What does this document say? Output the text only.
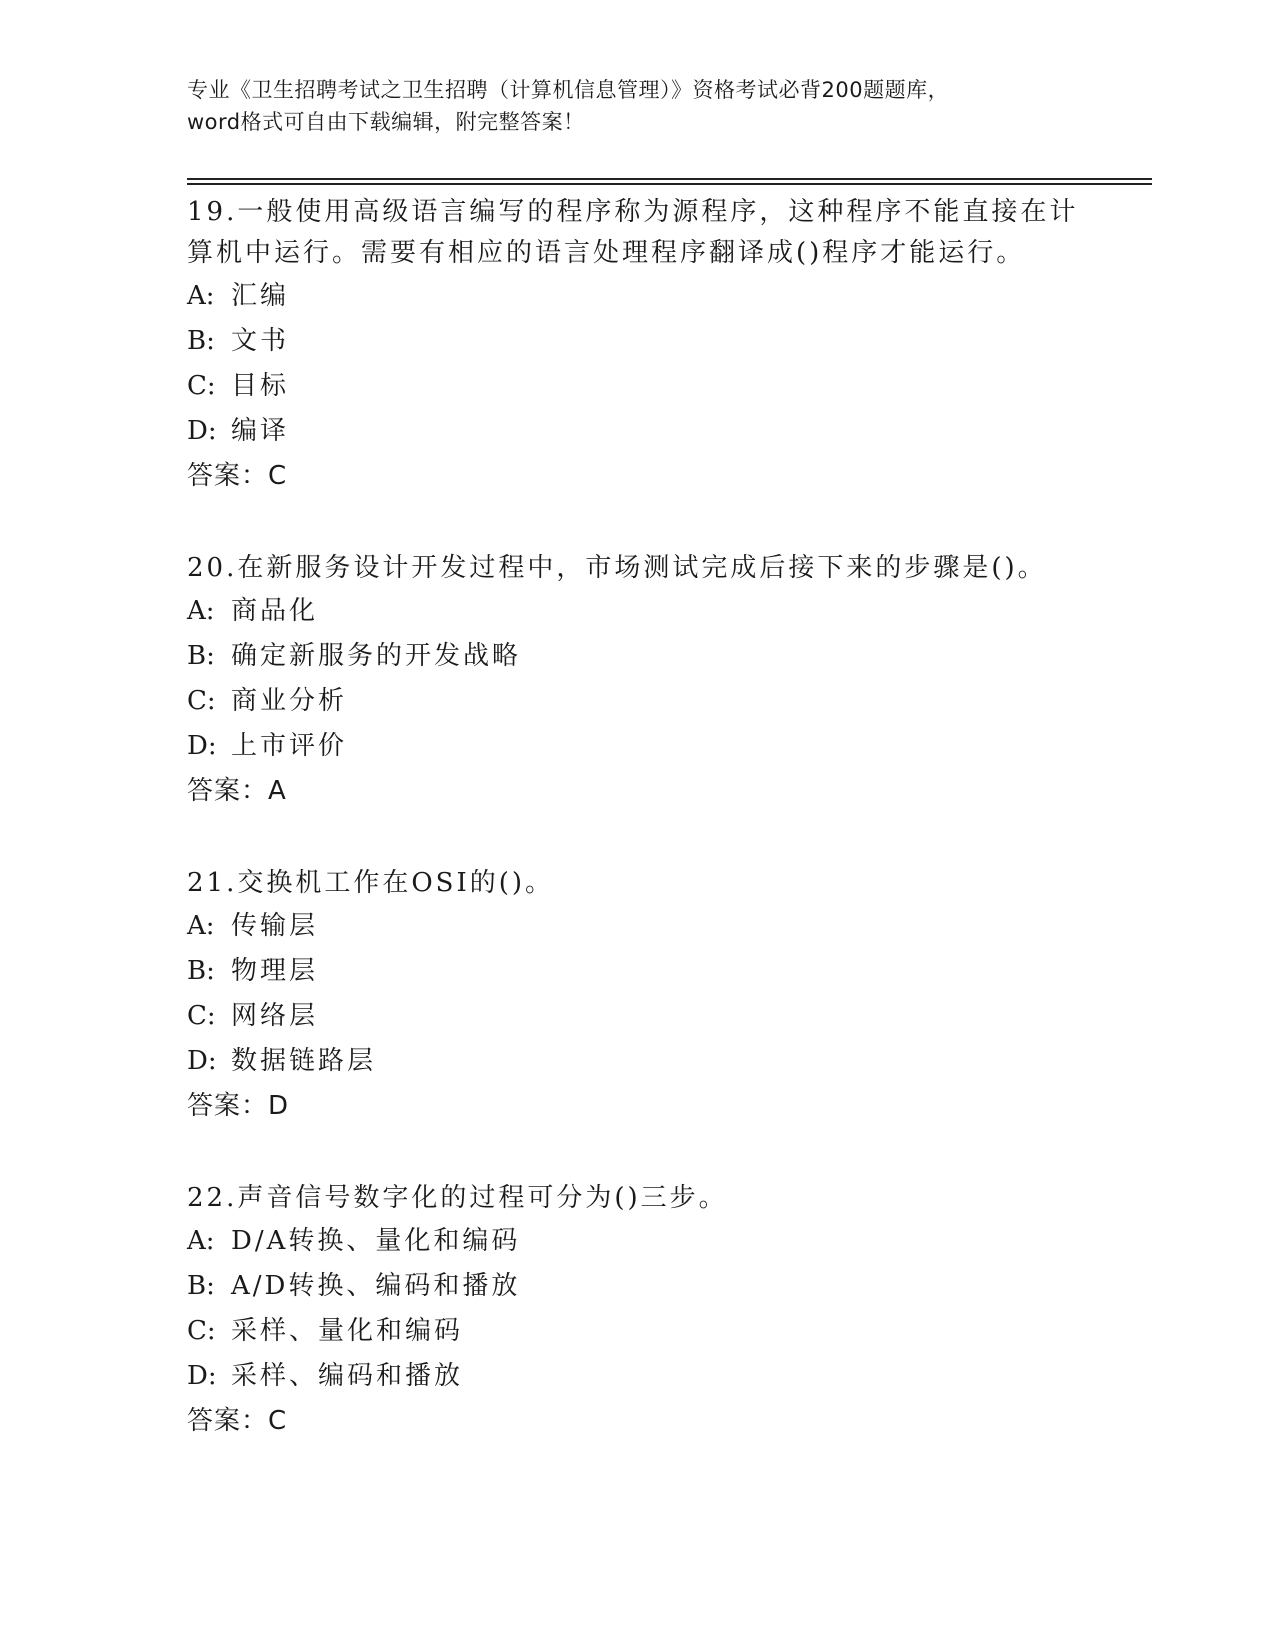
专业《卫生招聘考试之卫生招聘（计算机信息管理）》资格考试必背200题题库，
word格式可自由下载编辑，附完整答案！
19.一般使用高级语言编写的程序称为源程序，这种程序不能直接在计
算机中运行。需要有相应的语言处理程序翻译成()程序才能运行。
A: 汇编
B: 文书
C: 目标
D: 编译
答案：C
20.在新服务设计开发过程中，市场测试完成后接下来的步骤是()。
A: 商品化
B: 确定新服务的开发战略
C: 商业分析
D: 上市评价
答案：A
21.交换机工作在OSI的()。
A: 传输层
B: 物理层
C: 网络层
D: 数据链路层
答案：D
22.声音信号数字化的过程可分为()三步。
A: D/A转换、量化和编码
B: A/D转换、编码和播放
C: 采样、量化和编码
D: 采样、编码和播放
答案：C
